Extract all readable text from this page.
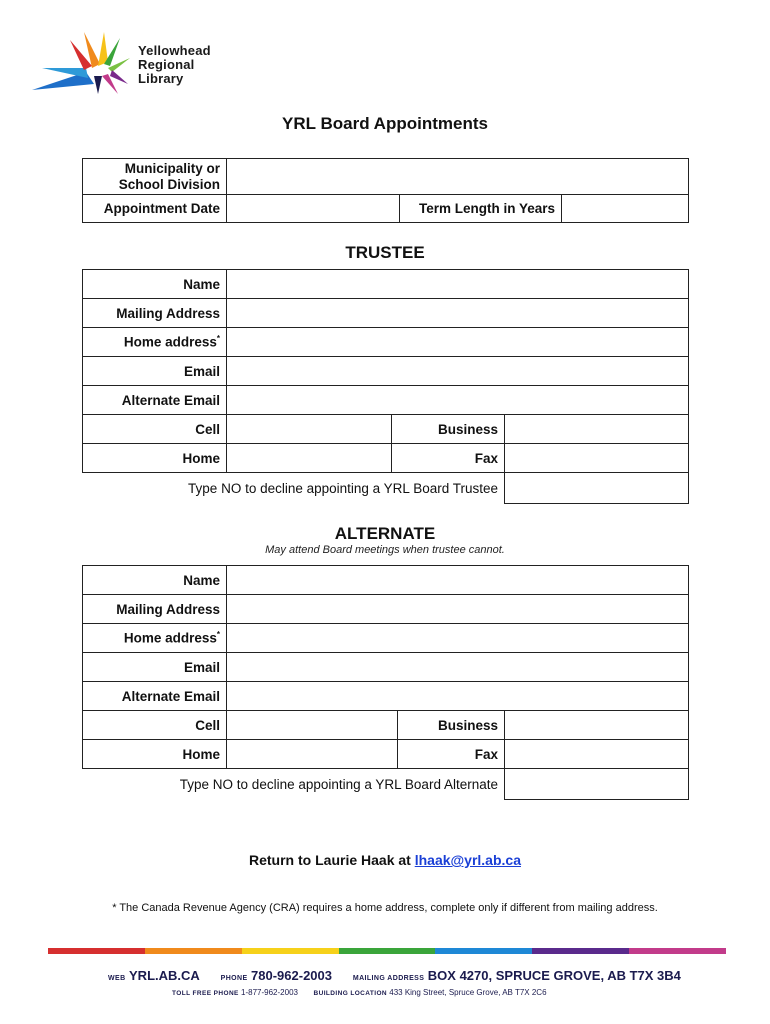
Yellowhead
Regional
Library
YRL Board Appointments
Municipality or
School Division			

Appointment Date		Term Length in Years	
TRUSTEE
Name			
Mailing Address			
Home address*	
Email			
Alternate Email			
Cell		Business	
Home		Fax	
Type NO to decline appointing a YRL Board Trustee			
ALTERNATE
May attend Board meetings when trustee cannot.
Name			
Mailing Address			
Home address*	
Email			
Alternate Email			
Cell		Business	
Home		Fax	
Type NO to decline appointing a YRL Board Alternate			
Return to Laurie Haak at lhaak@yrl.ab.ca
* The Canada Revenue Agency (CRA) requires a home address, complete only if different from mailing address.
WEB YRL.AB.CA	PHONE 780-962-2003	MAILING ADDRESS BOX 4270, SPRUCE GROVE, AB T7X 3B4
TOLL FREE PHONE 1-877-962-2003 BUILDING LOCATION 433 King Street, Spruce Grove, AB T7X 2C6
